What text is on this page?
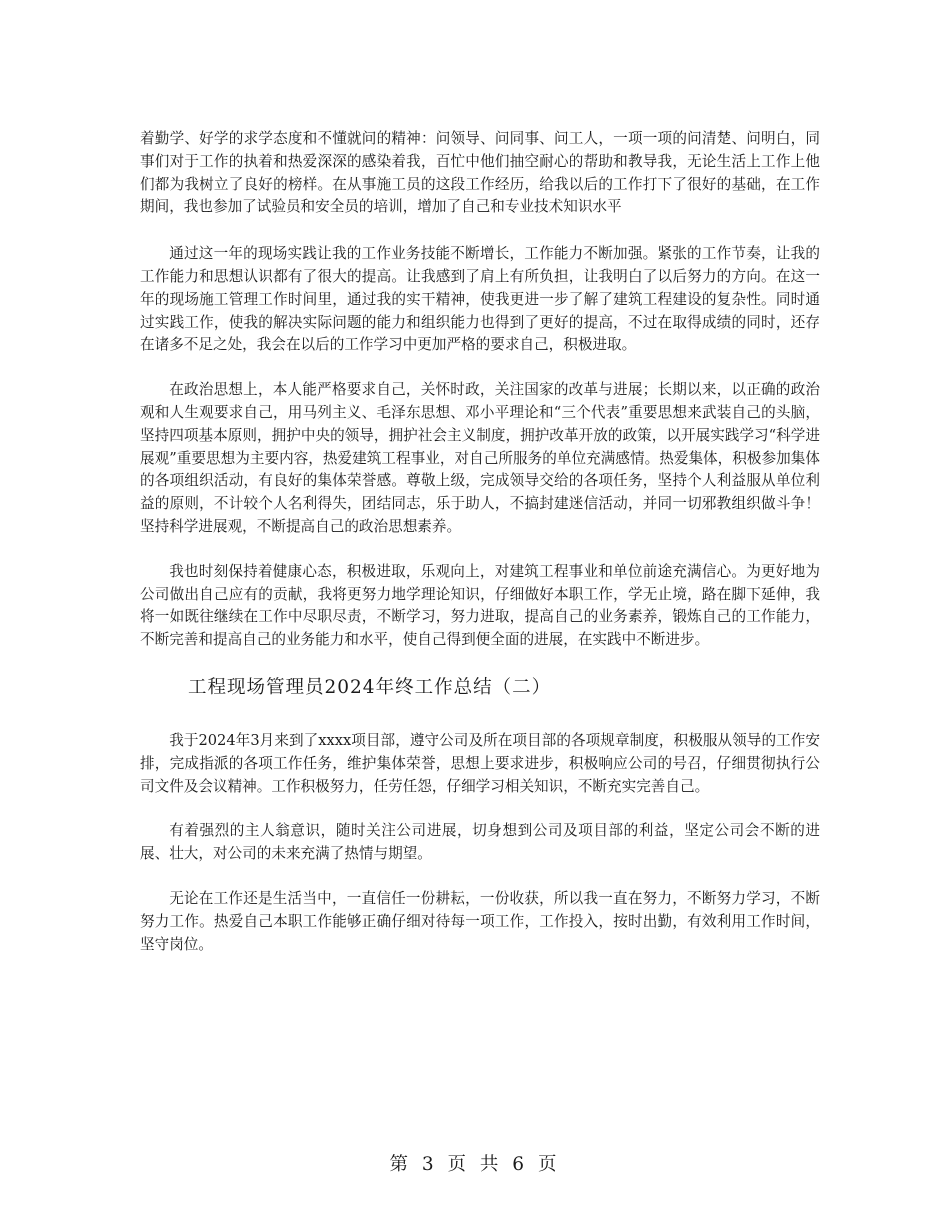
着勤学、好学的求学态度和不懂就问的精神：问领导、问同事、问工人，一项一项的问清楚、问明白，同事们对于工作的执着和热爱深深的感染着我，百忙中他们抽空耐心的帮助和教导我，无论生活上工作上他们都为我树立了良好的榜样。在从事施工员的这段工作经历，给我以后的工作打下了很好的基础，在工作期间，我也参加了试验员和安全员的培训，增加了自己和专业技术知识水平

通过这一年的现场实践让我的工作业务技能不断增长，工作能力不断加强。紧张的工作节奏，让我的工作能力和思想认识都有了很大的提高。让我感到了肩上有所负担，让我明白了以后努力的方向。在这一年的现场施工管理工作时间里，通过我的实干精神，使我更进一步了解了建筑工程建设的复杂性。同时通过实践工作，使我的解决实际问题的能力和组织能力也得到了更好的提高，不过在取得成绩的同时，还存在诸多不足之处，我会在以后的工作学习中更加严格的要求自己，积极进取。

在政治思想上，本人能严格要求自己，关怀时政，关注国家的改革与进展；长期以来，以正确的政治观和人生观要求自己，用马列主义、毛泽东思想、邓小平理论和“三个代表”重要思想来武装自己的头脑，坚持四项基本原则，拥护中央的领导，拥护社会主义制度，拥护改革开放的政策，以开展实践学习“科学进展观”重要思想为主要内容，热爱建筑工程事业，对自己所服务的单位充满感情。热爱集体，积极参加集体的各项组织活动，有良好的集体荣誉感。尊敬上级，完成领导交给的各项任务，坚持个人利益服从单位利益的原则，不计较个人名利得失，团结同志，乐于助人，不搞封建迷信活动，并同一切邪教组织做斗争！坚持科学进展观，不断提高自己的政治思想素养。

我也时刻保持着健康心态，积极进取，乐观向上，对建筑工程事业和单位前途充满信心。为更好地为公司做出自己应有的贡献，我将更努力地学理论知识，仔细做好本职工作，学无止境，路在脚下延伸，我将一如既往继续在工作中尽职尽责，不断学习，努力进取，提高自己的业务素养，锻炼自己的工作能力，不断完善和提高自己的业务能力和水平，使自己得到便全面的进展，在实践中不断进步。

工程现场管理员2024年终工作总结（二）

我于2024年3月来到了xxxx项目部，遵守公司及所在项目部的各项规章制度，积极服从领导的工作安排，完成指派的各项工作任务，维护集体荣誉，思想上要求进步，积极响应公司的号召，仔细贯彻执行公司文件及会议精神。工作积极努力，任劳任怨，仔细学习相关知识，不断充实完善自己。

有着强烈的主人翁意识，随时关注公司进展，切身想到公司及项目部的利益，坚定公司会不断的进展、壮大，对公司的未来充满了热情与期望。

无论在工作还是生活当中，一直信任一份耕耘，一份收获，所以我一直在努力，不断努力学习，不断努力工作。热爱自己本职工作能够正确仔细对待每一项工作，工作投入，按时出勤，有效利用工作时间，坚守岗位。

第 3 页 共 6 页
